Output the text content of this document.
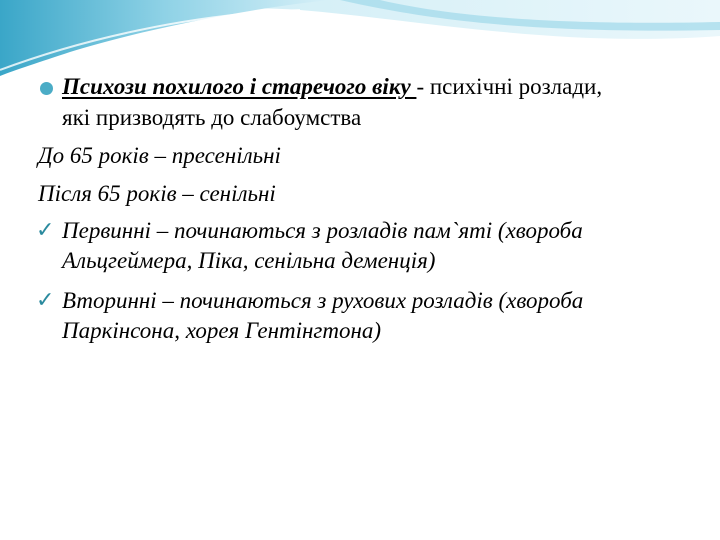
Психози похилого і старечого віку - психічні розлади,
які призводять до слабоумства
До 65 років – пресенільні
Після 65 років – сенільні
✓ Первинні – починаються з розладів пам`яті (хвороба
Альцгеймера, Піка, сенільна деменція)
✓ Вторинні – починаються з рухових розладів (хвороба
Паркінсона, хорея Гентінгтона)
